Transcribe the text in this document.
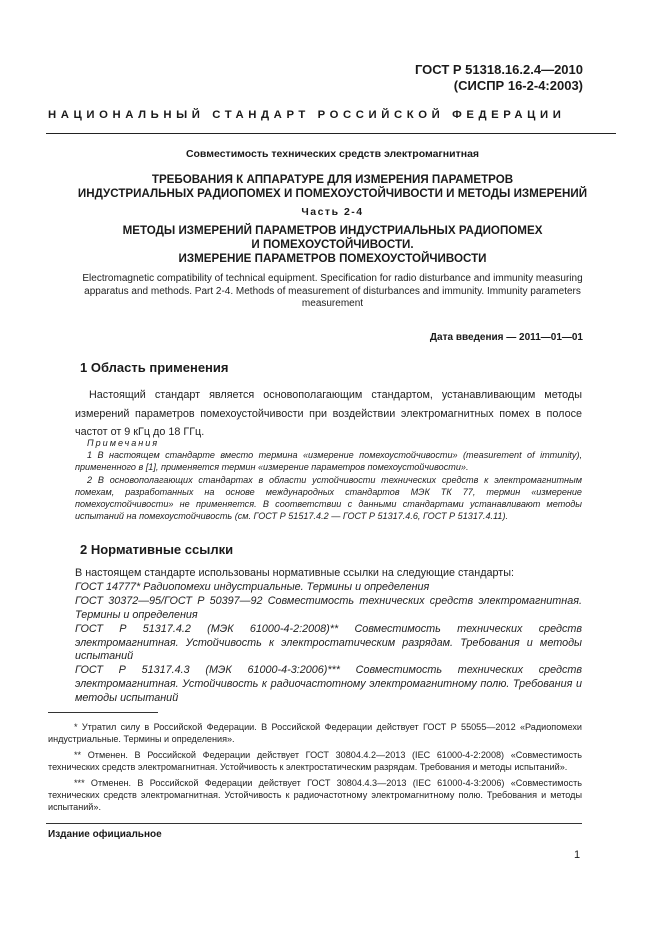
ГОСТ Р 51318.16.2.4—2010
(СИСПР 16-2-4:2003)
НАЦИОНАЛЬНЫЙ СТАНДАРТ РОССИЙСКОЙ ФЕДЕРАЦИИ
Совместимость технических средств электромагнитная
ТРЕБОВАНИЯ К АППАРАТУРЕ ДЛЯ ИЗМЕРЕНИЯ ПАРАМЕТРОВ
ИНДУСТРИАЛЬНЫХ РАДИОПОМЕХ И ПОМЕХОУСТОЙЧИВОСТИ И МЕТОДЫ ИЗМЕРЕНИЙ
Часть 2-4
МЕТОДЫ ИЗМЕРЕНИЙ ПАРАМЕТРОВ ИНДУСТРИАЛЬНЫХ РАДИОПОМЕХ
И ПОМЕХОУСТОЙЧИВОСТИ.
ИЗМЕРЕНИЕ ПАРАМЕТРОВ ПОМЕХОУСТОЙЧИВОСТИ
Electromagnetic compatibility of technical equipment. Specification for radio disturbance and immunity measuring apparatus and methods. Part 2-4. Methods of measurement of disturbances and immunity. Immunity parameters measurement
Дата введения — 2011—01—01
1 Область применения
Настоящий стандарт является основополагающим стандартом, устанавливающим методы измерений параметров помехоустойчивости при воздействии электромагнитных помех в полосе частот от 9 кГц до 18 ГГц.
Примечания
1 В настоящем стандарте вместо термина «измерение помехоустойчивости» (measurement of immunity), примененного в [1], применяется термин «измерение параметров помехоустойчивости».
2 В основополагающих стандартах в области устойчивости технических средств к электромагнитным помехам, разработанных на основе международных стандартов МЭК ТК 77, термин «измерение помехоустойчивости» не применяется. В соответствии с данными стандартами устанавливают методы испытаний на помехоустойчивость (см. ГОСТ Р 51517.4.2 — ГОСТ Р 51317.4.6, ГОСТ Р 51317.4.11).
2 Нормативные ссылки
В настоящем стандарте использованы нормативные ссылки на следующие стандарты:
ГОСТ 14777* Радиопомехи индустриальные. Термины и определения
ГОСТ 30372—95/ГОСТ Р 50397—92 Совместимость технических средств электромагнитная. Термины и определения
ГОСТ Р 51317.4.2 (МЭК 61000-4-2:2008)** Совместимость технических средств электромагнитная. Устойчивость к электростатическим разрядам. Требования и методы испытаний
ГОСТ Р 51317.4.3 (МЭК 61000-4-3:2006)*** Совместимость технических средств электромагнитная. Устойчивость к радиочастотному электромагнитному полю. Требования и методы испытаний
* Утратил силу в Российской Федерации. В Российской Федерации действует ГОСТ Р 55055—2012 «Радиопомехи индустриальные. Термины и определения».
** Отменен. В Российской Федерации действует ГОСТ 30804.4.2—2013 (IEC 61000-4-2:2008) «Совместимость технических средств электромагнитная. Устойчивость к электростатическим разрядам. Требования и методы испытаний».
*** Отменен. В Российской Федерации действует ГОСТ 30804.4.3—2013 (IEC 61000-4-3:2006) «Совместимость технических средств электромагнитная. Устойчивость к радиочастотному электромагнитному полю. Требования и методы испытаний».
Издание официальное
1
